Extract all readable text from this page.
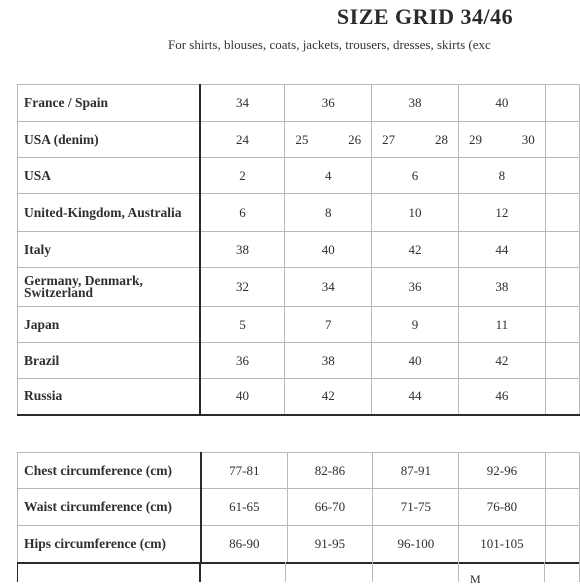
SIZE GRID 34/46
For shirts, blouses, coats, jackets, trousers, dresses, skirts (exc
France / Spain	34	36	38	40	
USA (denim)	24	25 26	27 28	29 30	

USA	2	4	6	8	
United-Kingdom, Australia	6	8	10	12	
Italy	38	40	42	44	
Germany, Denmark, Switzerland	32	34	36	38	
Japan	5	7	9	11	
Brazil	36	38	40	42	
Russia	40	42	44	46	
Chest circumference (cm)	77-81	82-86	87-91	92-96	
Waist circumference (cm)	61-65	66-70	71-75	76-80	
Hips circumference (cm)	86-90	91-95	96-100	101-105	

M
